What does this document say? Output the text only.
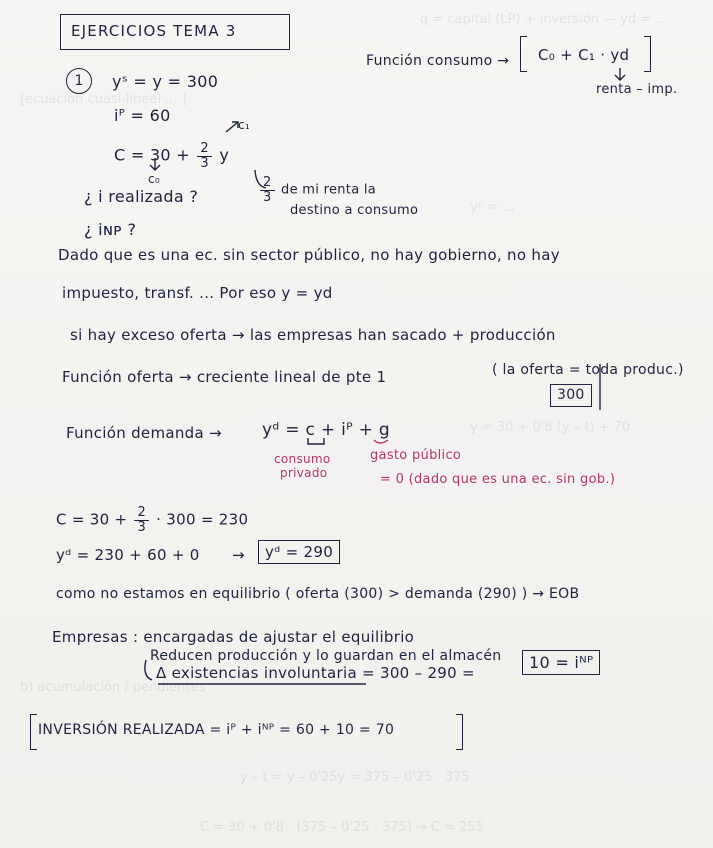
q = capital (LP) + inversión — yd = ...
[ecuación cuasi-lineal ... ]
yᵖ = ...
y = 30 + 0'8 (y – t) + 70
b) acumulación / pendientes
y – t = y – 0'25y = 375 – 0'25 · 375
C = 30 + 0'8 · (375 – 0'25 · 375) → C = 255
EJERCICIOS TEMA 3
1 yˢ = y = 300
iᴾ = 60
$C = 30 + \frac{2}{3}$ y
c₁
c₀	$\frac{2}{3}$ de mi renta la
destino a consumo
¿ i realizada ?
¿ iɴᴘ ?
Función consumo →	C₀ + C₁ · yd
renta – imp.
Dado que es una ec. sin sector público, no hay gobierno, no hay
impuesto, transf. ... Por eso y = yd
si hay exceso oferta → las empresas han sacado + producción
Función oferta → creciente lineal de pte 1	( la oferta = toda produc.)
300
Función demanda → yᵈ = c + iᴾ + g
consumo
privado
gasto público
= 0 (dado que es una ec. sin gob.)
$C = 30 + \frac{2}{3} \cdot 300 = 230$
yᵈ = 230 + 60 + 0 →	yᵈ = 290
como no estamos en equilibrio ( oferta (300) > demanda (290) ) → EOB
Empresas : encargadas de ajustar el equilibrio
Reducen producción y lo guardan en el almacén
Δ existencias involuntaria = 300 – 290 =
10 = iᴺᴾ
INVERSIÓN REALIZADA = iᴾ + iᴺᴾ = 60 + 10 = 70
